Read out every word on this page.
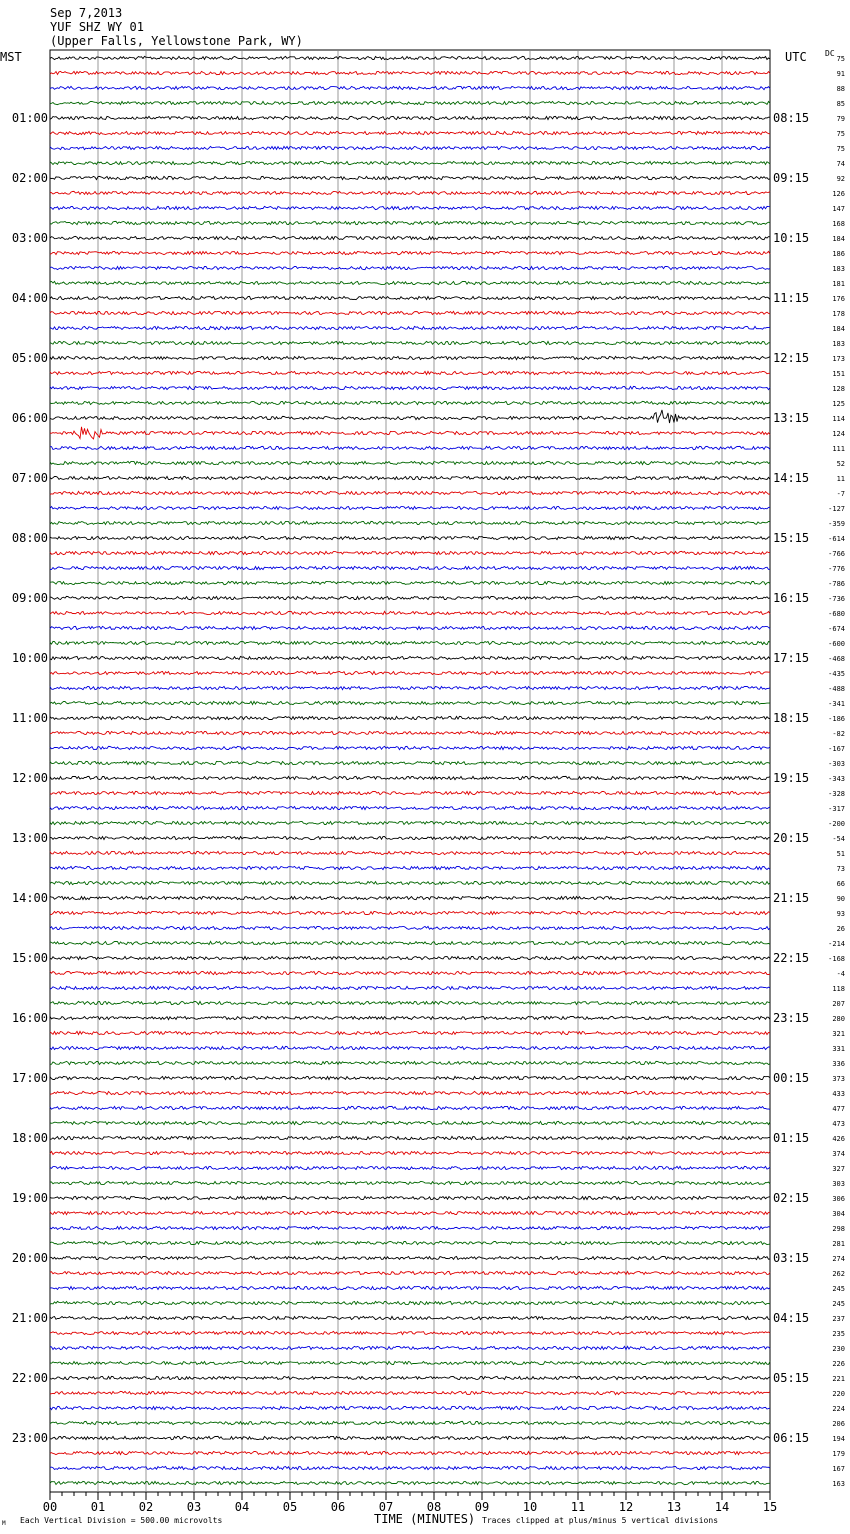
Sep 7,2013
YUF SHZ WY 01
(Upper Falls, Yellowstone Park, WY)
MST	UTC DC
01:00
02:00
03:00
04:00
05:00
06:00
07:00
08:00
09:00
10:00
11:00
12:00
13:00
14:00
15:00
16:00
17:00
18:00
19:00
20:00
21:00
22:00
23:00
08:15
09:15
10:15
11:15
12:15
13:15
14:15
15:15
16:15
17:15
18:15
19:15
20:15
21:15
22:15
23:15
00:15
01:15
02:15
03:15
04:15
05:15
06:15
75
91
88
85
79
75
75
74
92
126
147
168
184
186
183
181
176
178
184
183
173
151
128
125
114
124
111
52
11
-7
-127
-359
-614
-766
-776
-786
-736
-680
-674
-600
-468
-435
-488
-341
-186
-82
-167
-303
-343
-328
-317
-200
-54
51
73
66
90
93
26
-214
-168
-4
118
207
280
321
331
336
373
433
477
473
426
374
327
303
306
304
298
281
274
262
245
245
237
235
230
226
221
220
224
206
194
179
167
163
00	01	02	03	04	05	06	07	08	09	10	11	12	13	14	15
M Each Vertical Division = 500.00 microvolts	TIME (MINUTES) Traces clipped at plus/minus 5 vertical divisions
